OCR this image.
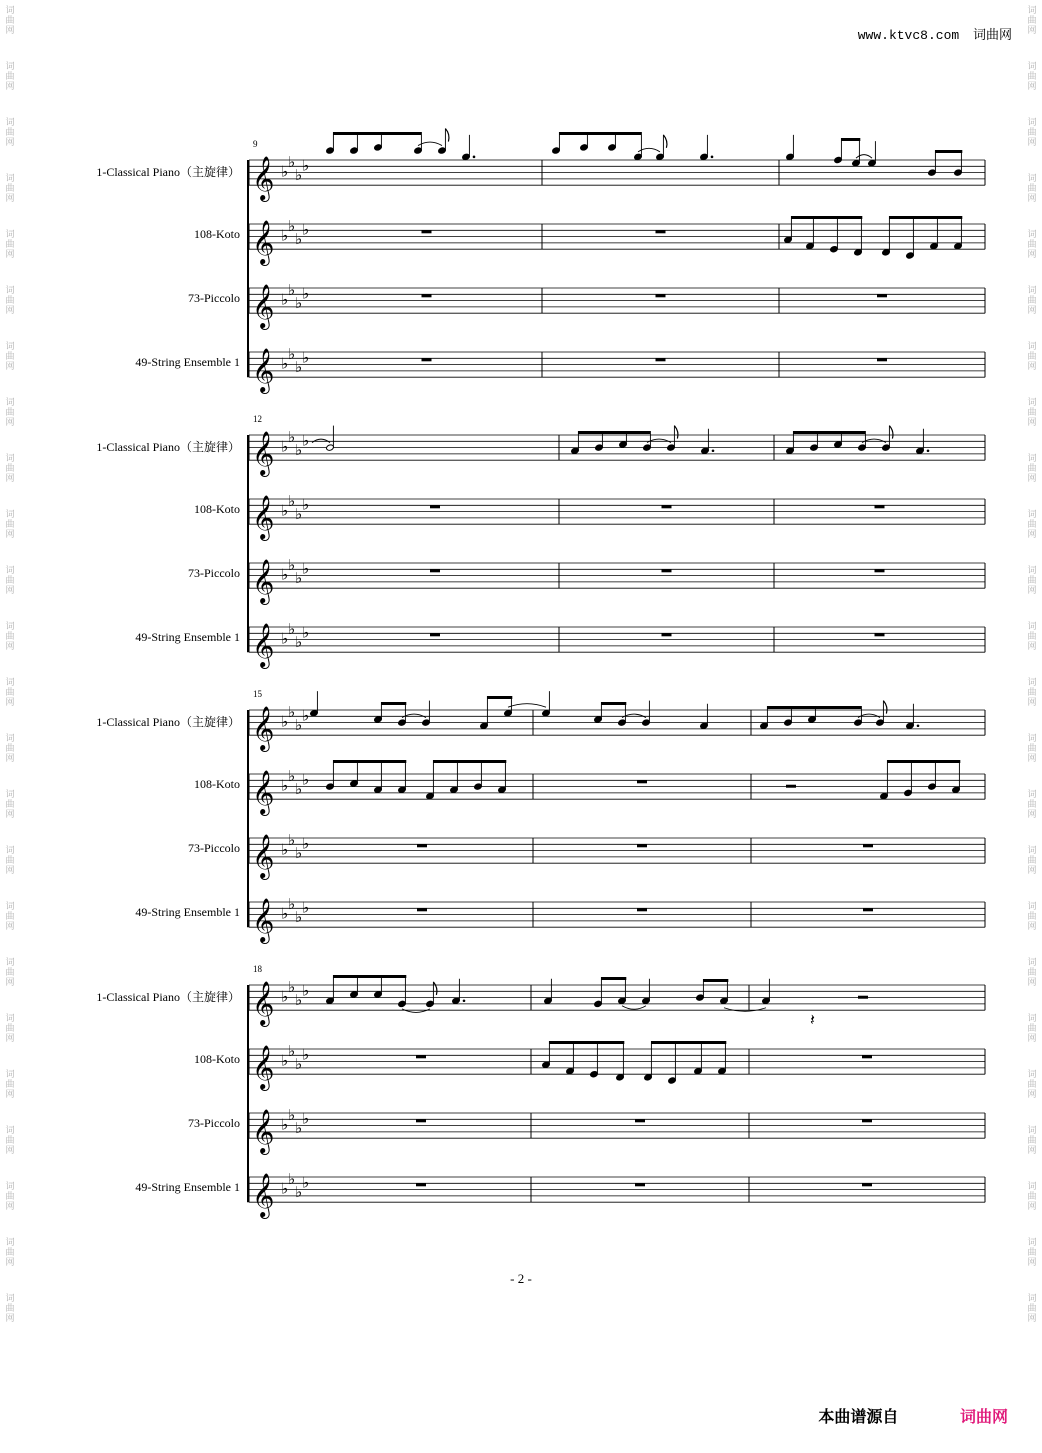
www.ktvc8.com 词曲网
词
曲
网
词
曲
网
词
曲
网
词
曲
网
词
曲
网
词
曲
网
词
曲
网
词
曲
网
词
曲
网
词
曲
网
词
曲
网
词
曲
网
词
曲
网
词
曲
网
词
曲
网
词
曲
网
词
曲
网
词
曲
网
词
曲
网
词
曲
网
词
曲
网
词
曲
网
词
曲
网
词
曲
网
词
曲
网
词
曲
网
词
曲
网
词
曲
网
词
曲
网
词
曲
网
词
曲
网
词
曲
网
词
曲
网
词
曲
网
词
曲
网
词
曲
网
词
曲
网
词
曲
网
词
曲
网
词
曲
网
词
曲
网
词
曲
网
词
曲
网
词
曲
网
词
曲
网
词
曲
网
词
曲
网
词
曲
网
9
1-Classical Piano（主旋律）
108-Koto
73-Piccolo
49-String Ensemble 1
12
1-Classical Piano（主旋律）
108-Koto
73-Piccolo
49-String Ensemble 1
15
1-Classical Piano（主旋律）
108-Koto
73-Piccolo
49-String Ensemble 1
18
1-Classical Piano（主旋律）
108-Koto
73-Piccolo
49-String Ensemble 1
𝄞 ♭
♭
♭
♭
𝄞 ♭
♭
♭
♭
𝄞 ♭
♭
♭
♭
𝄞 ♭
♭
♭
♭
𝄞 ♭
♭
♭
♭
𝄞 ♭
♭
♭
♭
𝄞 ♭
♭
♭
♭
𝄞 ♭
♭
♭
♭
𝄞 ♭
♭
♭
♭
𝄞 ♭
♭
♭
♭
𝄞 ♭
♭
♭
♭
𝄞 ♭
♭
♭
♭
𝄞 ♭
♭
♭
♭
𝄞 ♭
♭
♭
♭
𝄞 ♭
♭
♭
♭
𝄞 ♭
♭
♭
♭
𝄽
- 2 -
本曲谱源自	词曲网
